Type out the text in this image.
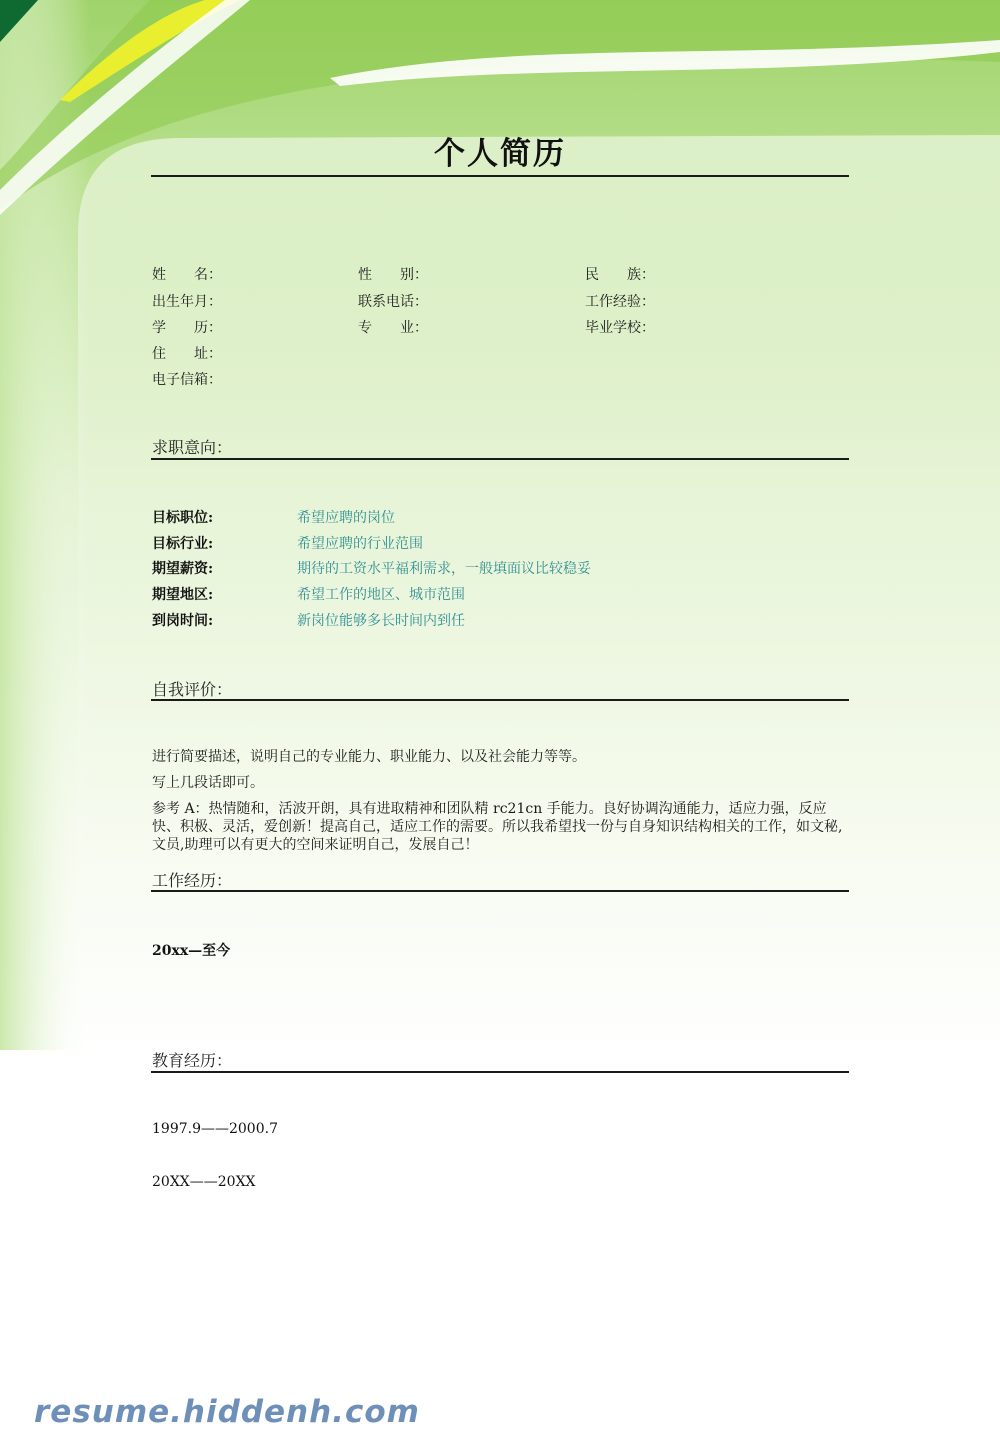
个人简历
姓　　名：	性　　别：	民　　族：
出生年月：	联系电话：	工作经验：
学　　历：	专　　业：	毕业学校：
住　　址：
电子信箱：
求职意向：
目标职位:	希望应聘的岗位
目标行业:	希望应聘的行业范围
期望薪资:	期待的工资水平福利需求，一般填面议比较稳妥
期望地区:	希望工作的地区、城市范围
到岗时间:	新岗位能够多长时间内到任
自我评价：
进行简要描述，说明自己的专业能力、职业能力、以及社会能力等等。
写上几段话即可。
参考 A：热情随和，活波开朗，具有进取精神和团队精 rc21cn 手能力。良好协调沟通能力，适应力强，反应快、积极、灵活，爱创新！提高自己，适应工作的需要。所以我希望找一份与自身知识结构相关的工作，如文秘,文员,助理可以有更大的空间来证明自己，发展自己！
工作经历：
20xx—至今
教育经历：
1997.9——2000.7
20XX——20XX
resume.hiddenh.com
